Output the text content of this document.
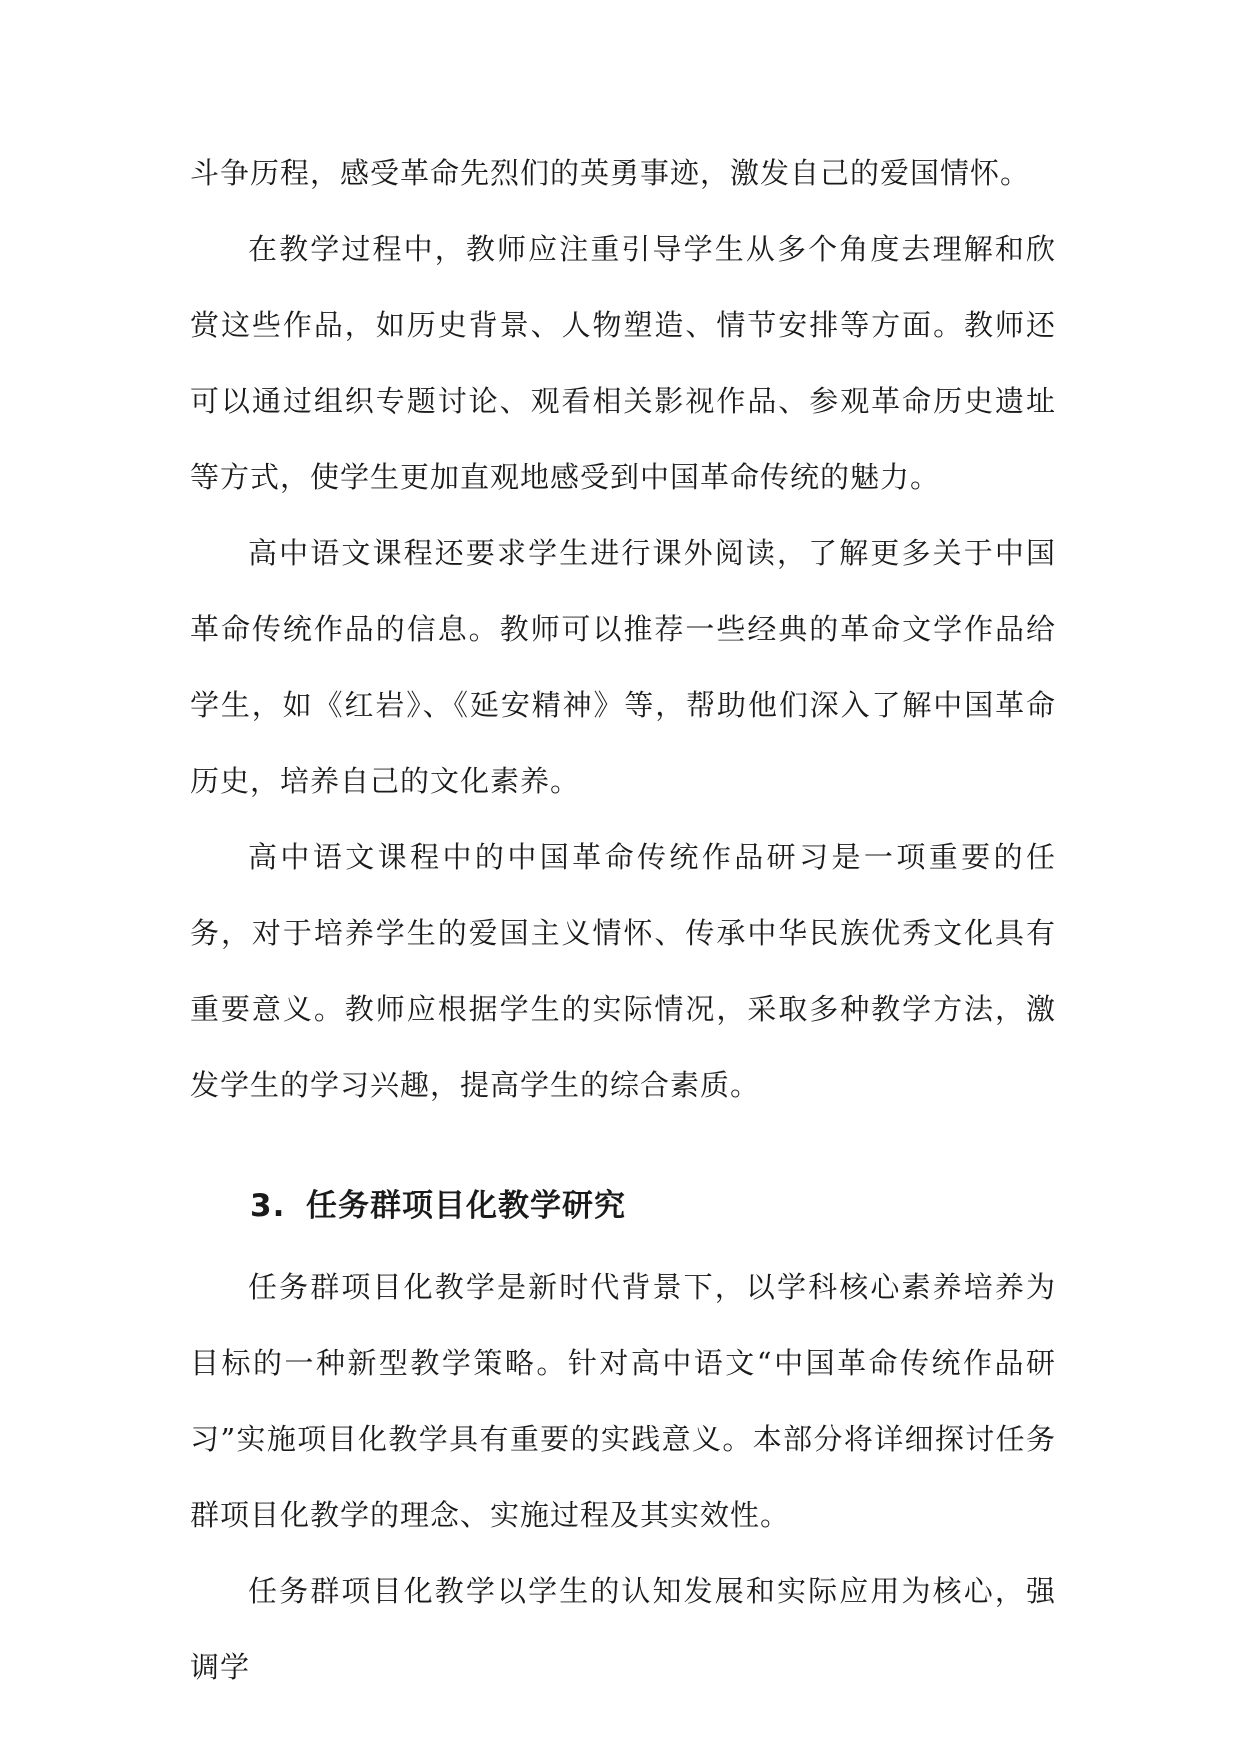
斗争历程，感受革命先烈们的英勇事迹，激发自己的爱国情怀。

在教学过程中，教师应注重引导学生从多个角度去理解和欣赏这些作品，如历史背景、人物塑造、情节安排等方面。教师还可以通过组织专题讨论、观看相关影视作品、参观革命历史遗址等方式，使学生更加直观地感受到中国革命传统的魅力。

高中语文课程还要求学生进行课外阅读，了解更多关于中国革命传统作品的信息。教师可以推荐一些经典的革命文学作品给学生，如《红岩》、《延安精神》等，帮助他们深入了解中国革命历史，培养自己的文化素养。

高中语文课程中的中国革命传统作品研习是一项重要的任务，对于培养学生的爱国主义情怀、传承中华民族优秀文化具有重要意义。教师应根据学生的实际情况，采取多种教学方法，激发学生的学习兴趣，提高学生的综合素质。

3. 任务群项目化教学研究

任务群项目化教学是新时代背景下，以学科核心素养培养为目标的一种新型教学策略。针对高中语文“中国革命传统作品研习”实施项目化教学具有重要的实践意义。本部分将详细探讨任务群项目化教学的理念、实施过程及其实效性。

任务群项目化教学以学生的认知发展和实际应用为核心，强调学
